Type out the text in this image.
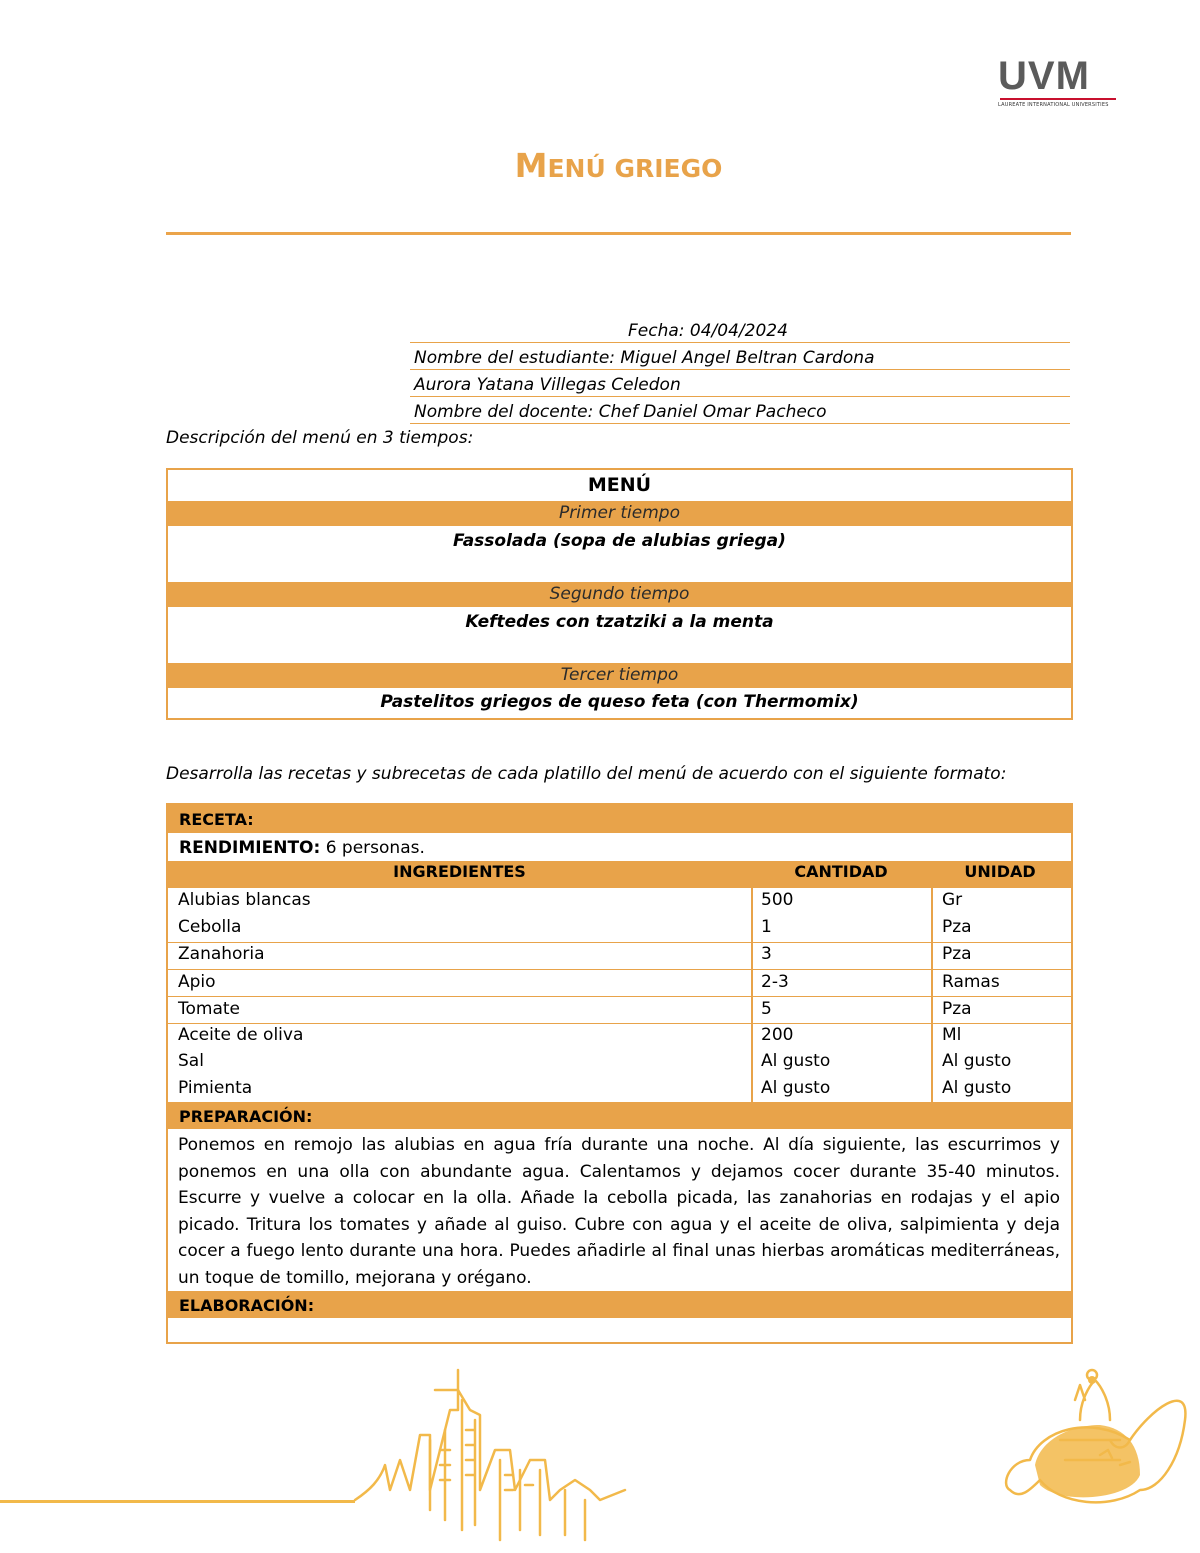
UVM
LAUREATE INTERNATIONAL UNIVERSITIES
MENÚ GRIEGO
Fecha: 04/04/2024
Nombre del estudiante: Miguel Angel Beltran Cardona
Aurora Yatana Villegas Celedon
Nombre del docente: Chef Daniel Omar Pacheco
Descripción del menú en 3 tiempos:
MENÚ
Primer tiempo
Fassolada (sopa de alubias griega)
Segundo tiempo
Keftedes con tzatziki a la menta
Tercer tiempo
Pastelitos griegos de queso feta (con Thermomix)
Desarrolla las recetas y subrecetas de cada platillo del menú de acuerdo con el siguiente formato:
RECETA:
RENDIMIENTO: 6 personas.
PREPARACIÓN:
ELABORACIÓN:
INGREDIENTES	CANTIDAD	UNIDAD
Alubias blancas	500	Gr
Cebolla	1	Pza
Zanahoria	3	Pza
Apio	2-3	Ramas
Tomate	5	Pza
Aceite de oliva	200	Ml
Sal	Al gusto	Al gusto
Pimienta	Al gusto	Al gusto
Ponemos en remojo las alubias en agua fría durante una noche. Al día siguiente, las escurrimos y ponemos en una olla con abundante agua. Calentamos y dejamos cocer durante 35-40 minutos. Escurre y vuelve a colocar en la olla. Añade la cebolla picada, las zanahorias en rodajas y el apio picado. Tritura los tomates y añade al guiso. Cubre con agua y el aceite de oliva, salpimienta y deja cocer a fuego lento durante una hora. Puedes añadirle al final unas hierbas aromáticas mediterráneas, un toque de tomillo, mejorana y orégano.
